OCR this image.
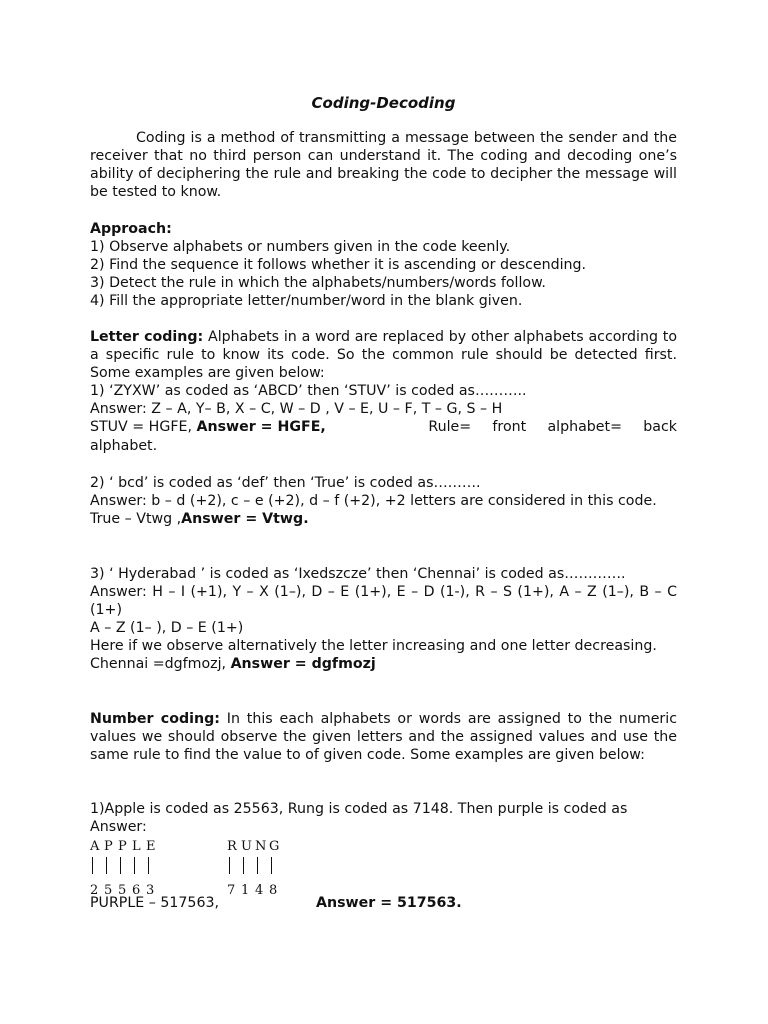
Coding-Decoding

Coding is a method of transmitting a message between the sender and the receiver that no third person can understand it. The coding and decoding one’s ability of deciphering the rule and breaking the code to decipher the message will be tested to know.

Approach:

1) Observe alphabets or numbers given in the code keenly.

2) Find the sequence it follows whether it is ascending or descending.

3) Detect the rule in which the alphabets/numbers/words follow.

4) Fill the appropriate letter/number/word in the blank given.

Letter coding: Alphabets in a word are replaced by other alphabets according to a specific rule to know its code. So the common rule should be detected first. Some examples are given below:

1) ‘ZYXW’ as coded as ‘ABCD’ then ‘STUV’ is coded as………..

Answer: Z – A, Y– B, X – C, W – D , V – E, U – F, T – G, S – H

STUV = HGFE, Answer = HGFE,	Rule= front alphabet= back

alphabet.

2) ‘ bcd’ is coded as ‘def’ then ‘True’ is coded as……….

Answer: b – d (+2), c – e (+2), d – f (+2), +2 letters are considered in this code.

True – Vtwg ,Answer = Vtwg.

3) ‘ Hyderabad ’ is coded as ‘Ixedszcze’ then ‘Chennai’ is coded as………….

Answer: H – I (+1), Y – X (1–), D – E (1+), E – D (1-), R – S (1+), A – Z (1–), B – C (1+)

A – Z (1– ), D – E (1+)

Here if we observe alternatively the letter increasing and one letter decreasing.

Chennai =dgfmozj, Answer = dgfmozj

Number coding: In this each alphabets or words are assigned to the numeric values we should observe the given letters and the assigned values and use the same rule to find the value to of given code. Some examples are given below:

1)Apple is coded as 25563, Rung is coded as 7148. Then purple is coded as

Answer:

A P P L E
2 5 5 6 3
R U N G
7 1 4 8

PURPLE – 517563,	Answer = 517563.
